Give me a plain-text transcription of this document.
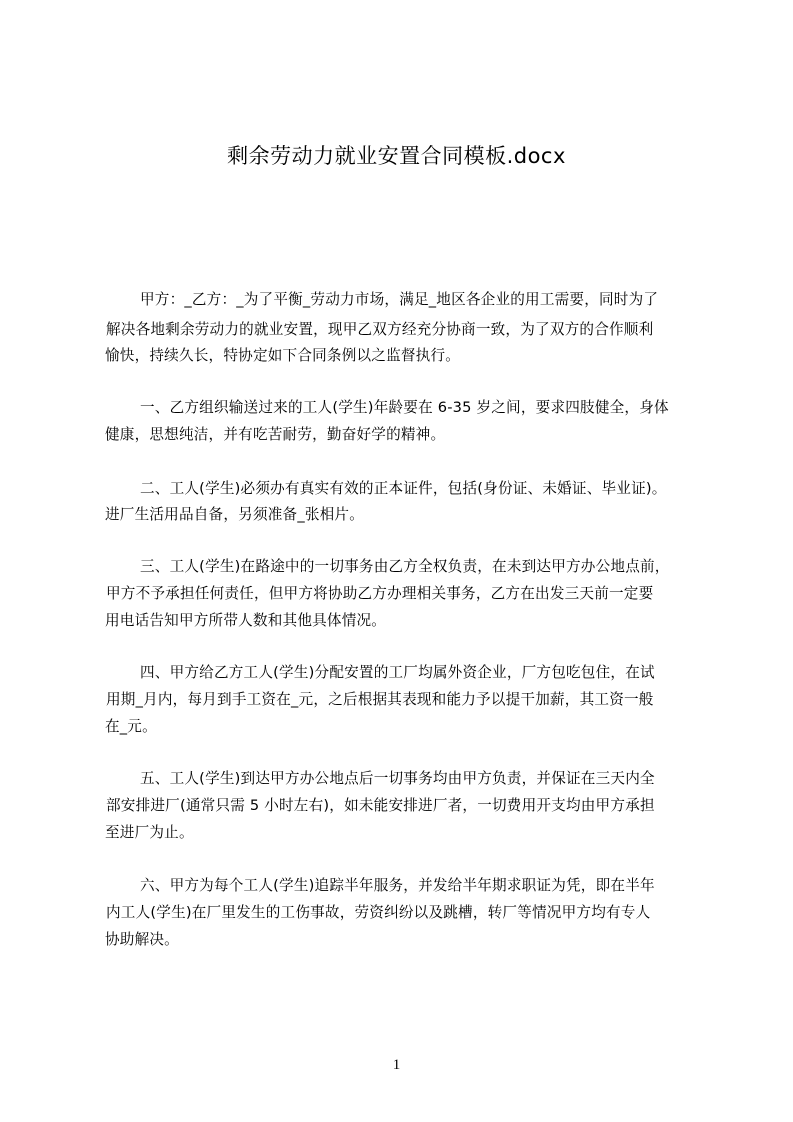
剩余劳动力就业安置合同模板.docx
甲方：_乙方：_为了平衡_劳动力市场，满足_地区各企业的用工需要，同时为了
解决各地剩余劳动力的就业安置，现甲乙双方经充分协商一致，为了双方的合作顺利
愉快，持续久长，特协定如下合同条例以之监督执行。
一、乙方组织输送过来的工人(学生)年龄要在 6-35 岁之间，要求四肢健全，身体
健康，思想纯洁，并有吃苦耐劳，勤奋好学的精神。
二、工人(学生)必须办有真实有效的正本证件，包括(身份证、未婚证、毕业证)。
进厂生活用品自备，另须准备_张相片。
三、工人(学生)在路途中的一切事务由乙方全权负责，在未到达甲方办公地点前，
甲方不予承担任何责任，但甲方将协助乙方办理相关事务，乙方在出发三天前一定要
用电话告知甲方所带人数和其他具体情况。
四、甲方给乙方工人(学生)分配安置的工厂均属外资企业，厂方包吃包住，在试
用期_月内，每月到手工资在_元，之后根据其表现和能力予以提干加薪，其工资一般
在_元。
五、工人(学生)到达甲方办公地点后一切事务均由甲方负责，并保证在三天内全
部安排进厂(通常只需 5 小时左右)，如未能安排进厂者，一切费用开支均由甲方承担
至进厂为止。
六、甲方为每个工人(学生)追踪半年服务，并发给半年期求职证为凭，即在半年
内工人(学生)在厂里发生的工伤事故，劳资纠纷以及跳槽，转厂等情况甲方均有专人
协助解决。
1
